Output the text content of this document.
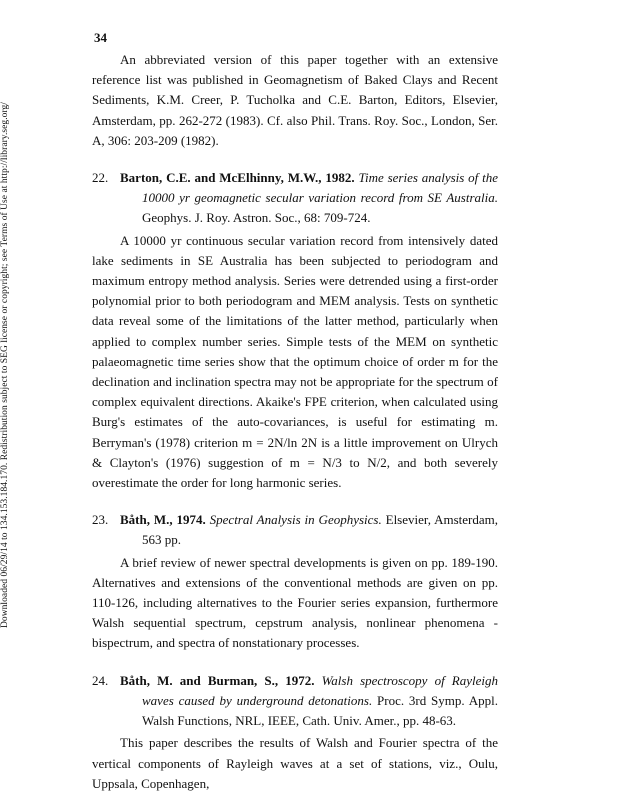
34
Downloaded 06/29/14 to 134.153.184.170. Redistribution subject to SEG license or copyright; see Terms of Use at http://library.seg.org/

An abbreviated version of this paper together with an extensive reference list was published in Geomagnetism of Baked Clays and Recent Sediments, K.M. Creer, P. Tucholka and C.E. Barton, Editors, Elsevier, Amsterdam, pp. 262-272 (1983). Cf. also Phil. Trans. Roy. Soc., London, Ser. A, 306: 203-209 (1982).

22. Barton, C.E. and McElhinny, M.W., 1982. Time series analysis of the 10000 yr geomagnetic secular variation record from SE Australia. Geophys. J. Roy. Astron. Soc., 68: 709-724.

A 10000 yr continuous secular variation record from intensively dated lake sediments in SE Australia has been subjected to periodogram and maximum entropy method analysis. Series were detrended using a first-order polynomial prior to both periodogram and MEM analysis. Tests on synthetic data reveal some of the limitations of the latter method, particularly when applied to complex number series. Simple tests of the MEM on synthetic palaeomagnetic time series show that the optimum choice of order m for the declination and inclination spectra may not be appropriate for the spectrum of complex equivalent directions. Akaike's FPE criterion, when calculated using Burg's estimates of the auto-covariances, is useful for estimating m. Berryman's (1978) criterion m = 2N/ln 2N is a little improvement on Ulrych & Clayton's (1976) suggestion of m = N/3 to N/2, and both severely overestimate the order for long harmonic series.

23. Båth, M., 1974. Spectral Analysis in Geophysics. Elsevier, Amsterdam, 563 pp.

A brief review of newer spectral developments is given on pp. 189-190. Alternatives and extensions of the conventional methods are given on pp. 110-126, including alternatives to the Fourier series expansion, furthermore Walsh sequential spectrum, cepstrum analysis, nonlinear phenomena - bispectrum, and spectra of nonstationary processes.

24. Båth, M. and Burman, S., 1972. Walsh spectroscopy of Rayleigh waves caused by underground detonations. Proc. 3rd Symp. Appl. Walsh Functions, NRL, IEEE, Cath. Univ. Amer., pp. 48-63.

This paper describes the results of Walsh and Fourier spectra of the vertical components of Rayleigh waves at a set of stations, viz., Oulu, Uppsala, Copenhagen,
